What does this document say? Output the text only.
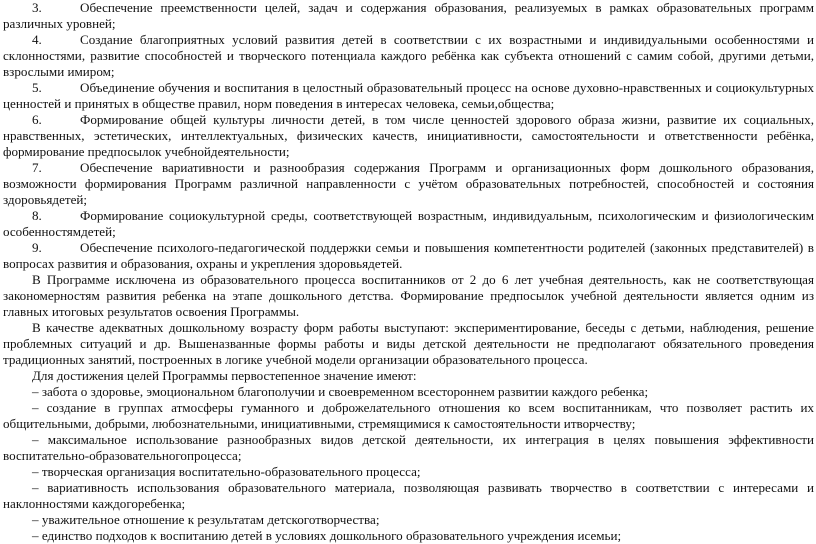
3.	Обеспечение преемственности целей, задач и содержания образования, реализуемых в рамках образовательных программ различных уровней;

4.	Создание благоприятных условий развития детей в соответствии с их возрастными и индивидуальными особенностями и склонностями, развитие способностей и творческого потенциала каждого ребёнка как субъекта отношений с самим собой, другими детьми, взрослыми имиром;

5.	Объединение обучения и воспитания в целостный образовательный процесс на основе духовно-нравственных и социокультурных ценностей и принятых в обществе правил, норм поведения в интересах человека, семьи,общества;

6.	Формирование общей культуры личности детей, в том числе ценностей здорового образа жизни, развитие их социальных, нравственных, эстетических, интеллектуальных, физических качеств, инициативности, самостоятельности и ответственности ребёнка, формирование предпосылок учебнойдеятельности;

7.	Обеспечение вариативности и разнообразия содержания Программ и организационных форм дошкольного образования, возможности формирования Программ различной направленности с учётом образовательных потребностей, способностей и состояния здоровьядетей;

8.	Формирование социокультурной среды, соответствующей возрастным, индивидуальным, психологическим и физиологическим особенностямдетей;

9.	Обеспечение психолого-педагогической поддержки семьи и повышения компетентности родителей (законных представителей) в вопросах развития и образования, охраны и укрепления здоровьядетей.

В Программе исключена из образовательного процесса воспитанников от 2 до 6 лет учебная деятельность, как не соответствующая закономерностям развития ребенка на этапе дошкольного детства. Формирование предпосылок учебной деятельности является одним из главных итоговых результатов освоения Программы.

В качестве адекватных дошкольному возрасту форм работы выступают: экспериментирование, беседы с детьми, наблюдения, решение проблемных ситуаций и др. Вышеназванные формы работы и виды детской деятельности не предполагают обязательного проведения традиционных занятий, построенных в логике учебной модели организации образовательного процесса.

Для достижения целей Программы первостепенное значение имеют:

– забота о здоровье, эмоциональном благополучии и своевременном всестороннем развитии каждого ребенка;

– создание в группах атмосферы гуманного и доброжелательного отношения ко всем воспитанникам, что позволяет растить их общительными, добрыми, любознательными, инициативными, стремящимися к самостоятельности итворчеству;

– максимальное использование разнообразных видов детской деятельности, их интеграция в целях повышения эффективности воспитательно-образовательногопроцесса;

– творческая организация воспитательно-образовательного процесса;

– вариативность использования образовательного материала, позволяющая развивать творчество в соответствии с интересами и наклонностями каждогоребенка;

– уважительное отношение к результатам детскоготворчества;

– единство подходов к воспитанию детей в условиях дошкольного образовательного учреждения исемьи;
